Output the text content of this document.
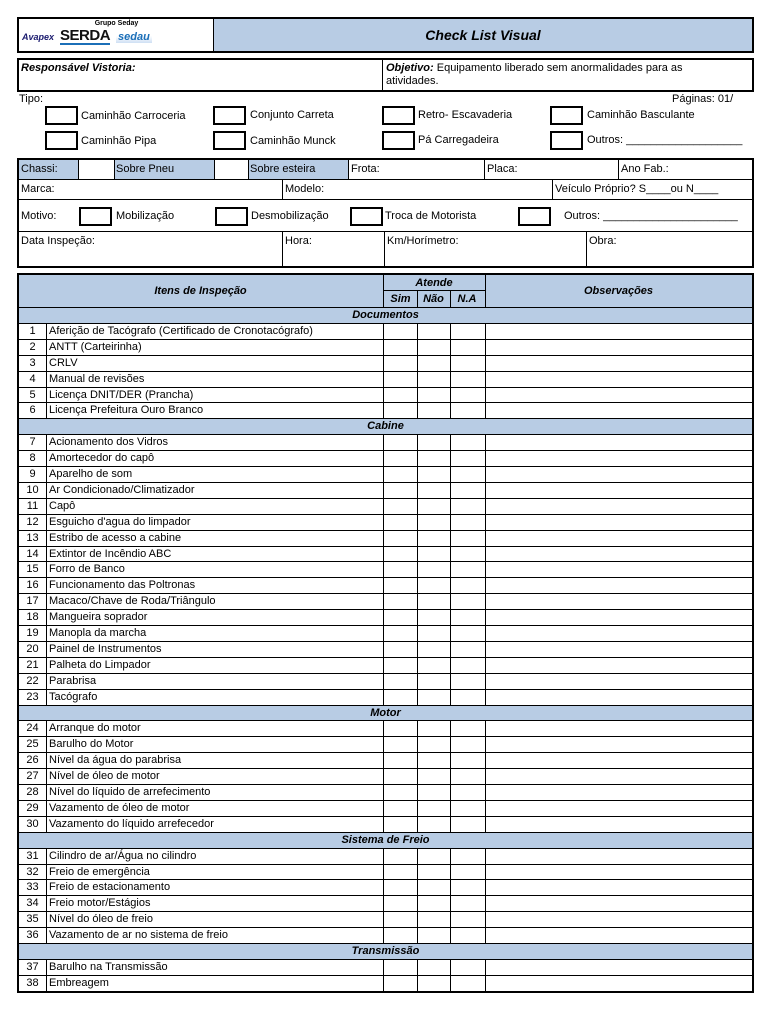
Grupo Seday
Avapex SERDA sedau	Check List Visual
Responsável Vistoria:	Objetivo: Equipamento liberado sem anormalidades para as
atividades.
Tipo:	Páginas: 01/
Caminhão Carroceria	Conjunto Carreta	Retro- Escavaderia	Caminhão Basculante
Caminhão Pipa	Caminhão Munck	Pá Carregadeira	Outros: ___________________
Chassi:	Sobre Pneu	Sobre esteira	Frota:	Placa:	Ano Fab.:
Marca:	Modelo:	Veículo Próprio? S____ou N____
Motivo:	Mobilização	Desmobilização	Troca de Motorista	Outros: ______________________
Data Inspeção:	Hora:	Km/Horímetro:	Obra:
Itens de Inspeção
Atende
Sim	Não	N.A
Observações
Documentos
1	Aferição de Tacógrafo (Certificado de Cronotacógrafo)
2	ANTT (Carteirinha)
3	CRLV
4	Manual de revisões
5	Licença DNIT/DER (Prancha)
6	Licença Prefeitura Ouro Branco
Cabine
7	Acionamento dos Vidros
8	Amortecedor do capô
9	Aparelho de som
10 Ar Condicionado/Climatizador
11 Capô
12 Esguicho d'agua do limpador
13 Estribo de acesso a cabine
14 Extintor de Incêndio ABC
15 Forro de Banco
16 Funcionamento das Poltronas
17 Macaco/Chave de Roda/Triângulo
18 Mangueira soprador
19 Manopla da marcha
20 Painel de Instrumentos
21 Palheta do Limpador
22 Parabrisa
23 Tacógrafo
Motor
24 Arranque do motor
25 Barulho do Motor
26 Nível da água do parabrisa
27 Nível de óleo de motor
28 Nível do líquido de arrefecimento
29 Vazamento de óleo de motor
30 Vazamento do líquido arrefecedor
Sistema de Freio
31 Cilindro de ar/Água no cilindro
32 Freio de emergência
33 Freio de estacionamento
34 Freio motor/Estágios
35 Nível do óleo de freio
36 Vazamento de ar no sistema de freio
Transmissão
37 Barulho na Transmissão
38 Embreagem
